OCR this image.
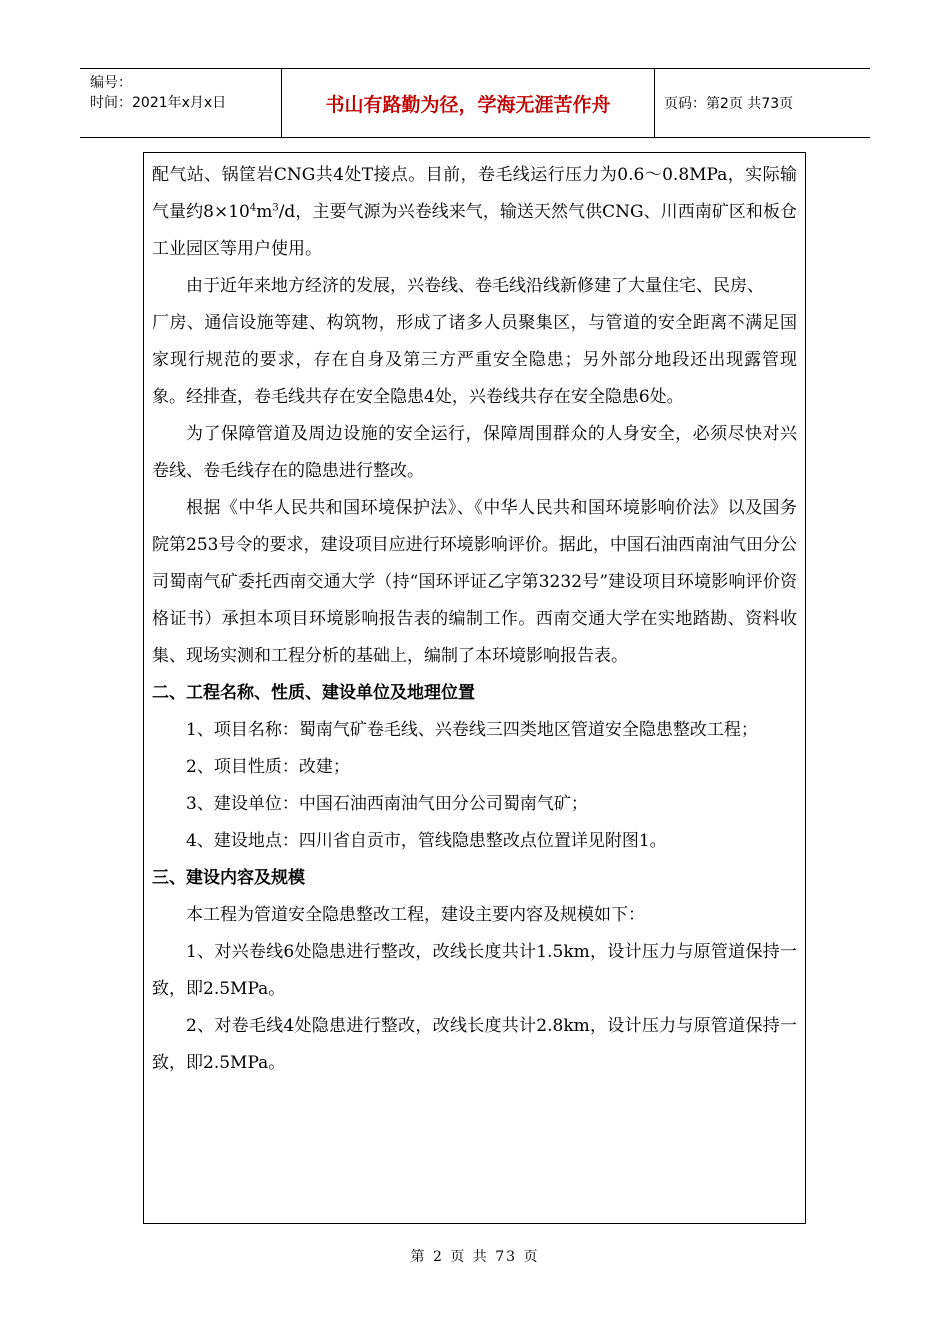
编号：
时间：2021年x月x日	书山有路勤为径，学海无涯苦作舟	页码：第2页 共73页

配气站、锅筐岩CNG共4处T接点。目前，卷毛线运行压力为0.6～0.8MPa，实际输气量约$8\times 10^4m^3/d$，主要气源为兴卷线来气，输送天然气供CNG、川西南矿区和板仓工业园区等用户使用。

由于近年来地方经济的发展，兴卷线、卷毛线沿线新修建了大量住宅、民房、

厂房、通信设施等建、构筑物，形成了诸多人员聚集区，与管道的安全距离不满足国家现行规范的要求，存在自身及第三方严重安全隐患；另外部分地段还出现露管现象。经排查，卷毛线共存在安全隐患4处，兴卷线共存在安全隐患6处。

为了保障管道及周边设施的安全运行，保障周围群众的人身安全，必须尽快对兴卷线、卷毛线存在的隐患进行整改。

根据《中华人民共和国环境保护法》、《中华人民共和国环境影响价法》以及国务院第253号令的要求，建设项目应进行环境影响评价。据此，中国石油西南油气田分公司蜀南气矿委托西南交通大学（持“国环评证乙字第3232号”建设项目环境影响评价资格证书）承担本项目环境影响报告表的编制工作。西南交通大学在实地踏勘、资料收集、现场实测和工程分析的基础上，编制了本环境影响报告表。

二、工程名称、性质、建设单位及地理位置

1、项目名称：蜀南气矿卷毛线、兴卷线三四类地区管道安全隐患整改工程；

2、项目性质：改建；

3、建设单位：中国石油西南油气田分公司蜀南气矿；

4、建设地点：四川省自贡市，管线隐患整改点位置详见附图1。

三、建设内容及规模

本工程为管道安全隐患整改工程，建设主要内容及规模如下：

1、对兴卷线6处隐患进行整改，改线长度共计1.5km，设计压力与原管道保持一致，即2.5MPa。

2、对卷毛线4处隐患进行整改，改线长度共计2.8km，设计压力与原管道保持一致，即2.5MPa。

第 2 页 共 73 页
